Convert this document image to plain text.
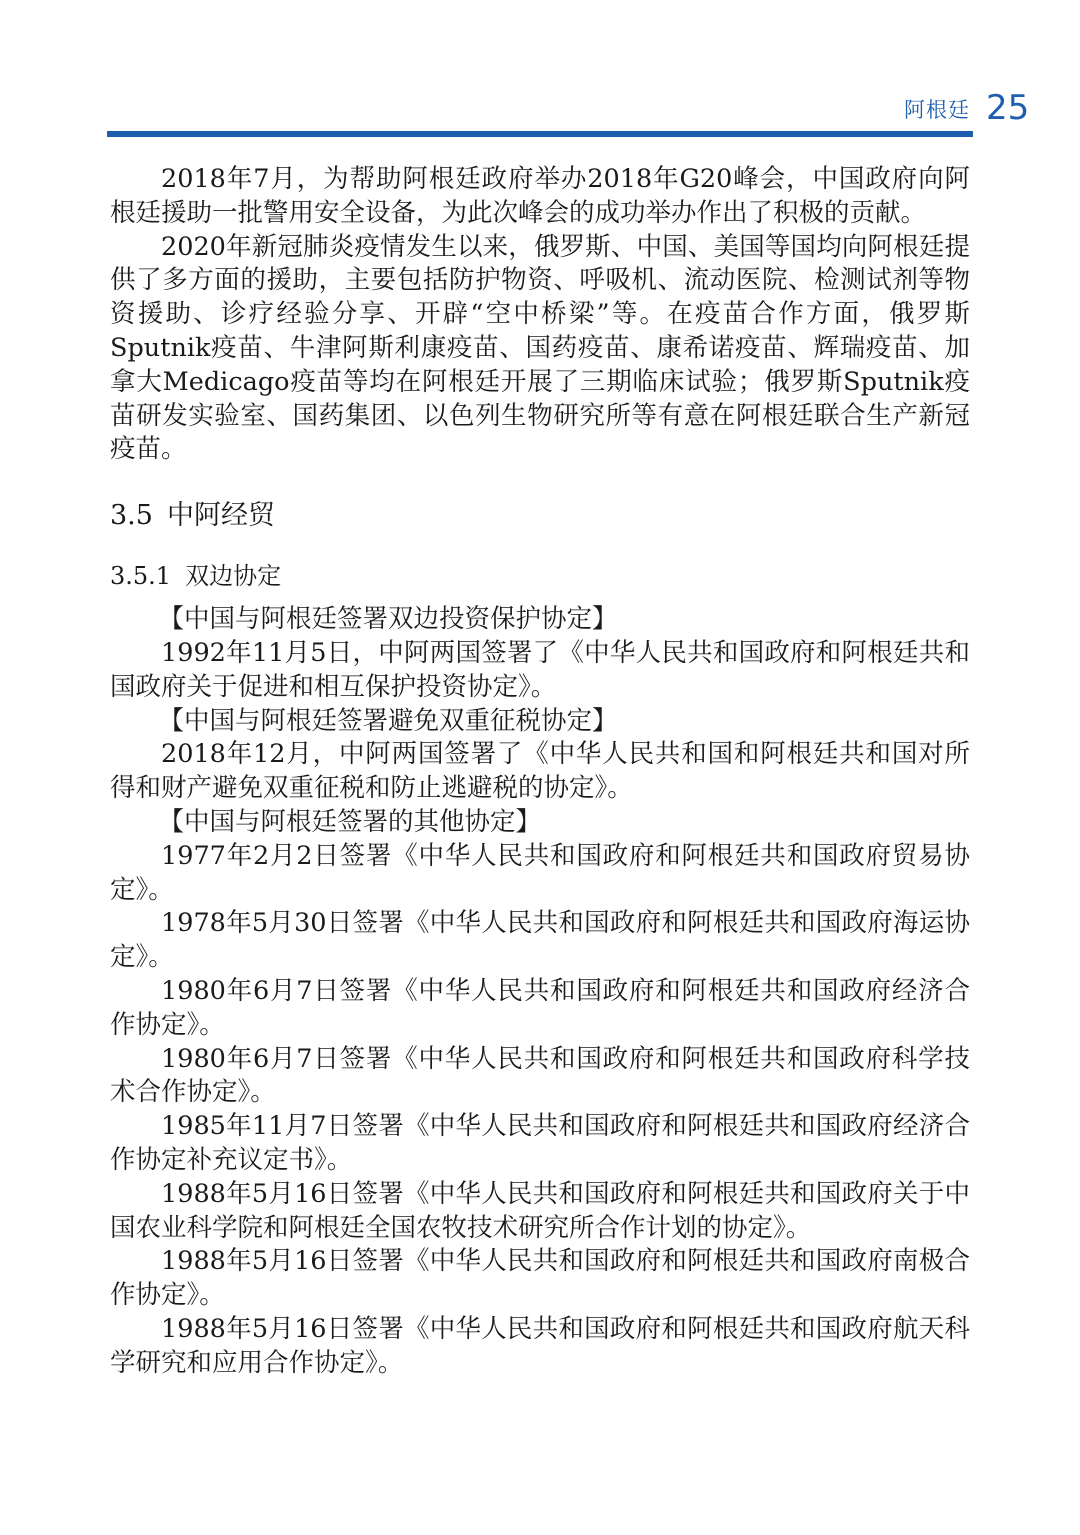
阿根廷 25

2018年7月，为帮助阿根廷政府举办2018年G20峰会，中国政府向阿根廷援助一批警用安全设备，为此次峰会的成功举办作出了积极的贡献。

2020年新冠肺炎疫情发生以来，俄罗斯、中国、美国等国均向阿根廷提供了多方面的援助，主要包括防护物资、呼吸机、流动医院、检测试剂等物资援助、诊疗经验分享、开辟“空中桥梁”等。在疫苗合作方面，俄罗斯Sputnik疫苗、牛津阿斯利康疫苗、国药疫苗、康希诺疫苗、辉瑞疫苗、加拿大Medicago疫苗等均在阿根廷开展了三期临床试验；俄罗斯Sputnik疫苗研发实验室、国药集团、以色列生物研究所等有意在阿根廷联合生产新冠疫苗。

3.5 中阿经贸
3.5.1 双边协定

【中国与阿根廷签署双边投资保护协定】

1992年11月5日，中阿两国签署了《中华人民共和国政府和阿根廷共和国政府关于促进和相互保护投资协定》。

【中国与阿根廷签署避免双重征税协定】

2018年12月，中阿两国签署了《中华人民共和国和阿根廷共和国对所得和财产避免双重征税和防止逃避税的协定》。

【中国与阿根廷签署的其他协定】

1977年2月2日签署《中华人民共和国政府和阿根廷共和国政府贸易协定》。

1978年5月30日签署《中华人民共和国政府和阿根廷共和国政府海运协定》。

1980年6月7日签署《中华人民共和国政府和阿根廷共和国政府经济合作协定》。

1980年6月7日签署《中华人民共和国政府和阿根廷共和国政府科学技术合作协定》。

1985年11月7日签署《中华人民共和国政府和阿根廷共和国政府经济合作协定补充议定书》。

1988年5月16日签署《中华人民共和国政府和阿根廷共和国政府关于中国农业科学院和阿根廷全国农牧技术研究所合作计划的协定》。

1988年5月16日签署《中华人民共和国政府和阿根廷共和国政府南极合作协定》。

1988年5月16日签署《中华人民共和国政府和阿根廷共和国政府航天科学研究和应用合作协定》。
